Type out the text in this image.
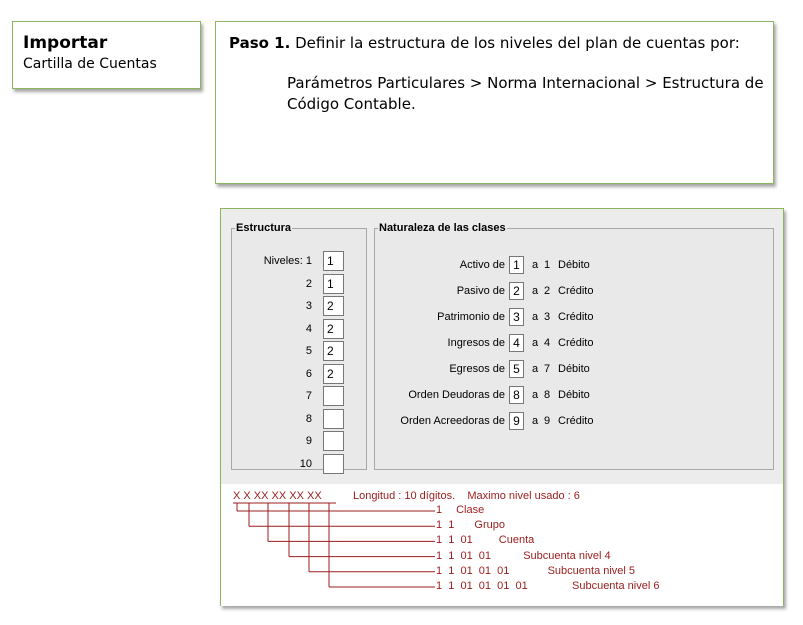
Importar
Cartilla de Cuentas
Paso 1. Definir la estructura de los niveles del plan de cuentas por:
Parámetros Particulares > Norma Internacional > Estructura de Código Contable.
Estructura
Niveles: 1	1
2	1
3	2
4	2
5	2
6	2
7
8
9
10
Naturaleza de las clases
Activo de 1	a 1 Débito
Pasivo de 2	a 2 Crédito
Patrimonio de 3	a 3 Crédito
Ingresos de 4	a 4 Crédito
Egresos de 5	a 7 Débito
Orden Deudoras de 8	a 8 Débito
Orden Acreedoras de 9	a 9 Crédito
X X XX XX XX XX	Longitud : 10 dígitos.    Maximo nivel usado : 6
1 Clase
1  1 Grupo
1  1  01 Cuenta
1  1  01  01	Subcuenta nivel 4
1  1  01  01  01	Subcuenta nivel 5
1  1  01  01  01  01	Subcuenta nivel 6
